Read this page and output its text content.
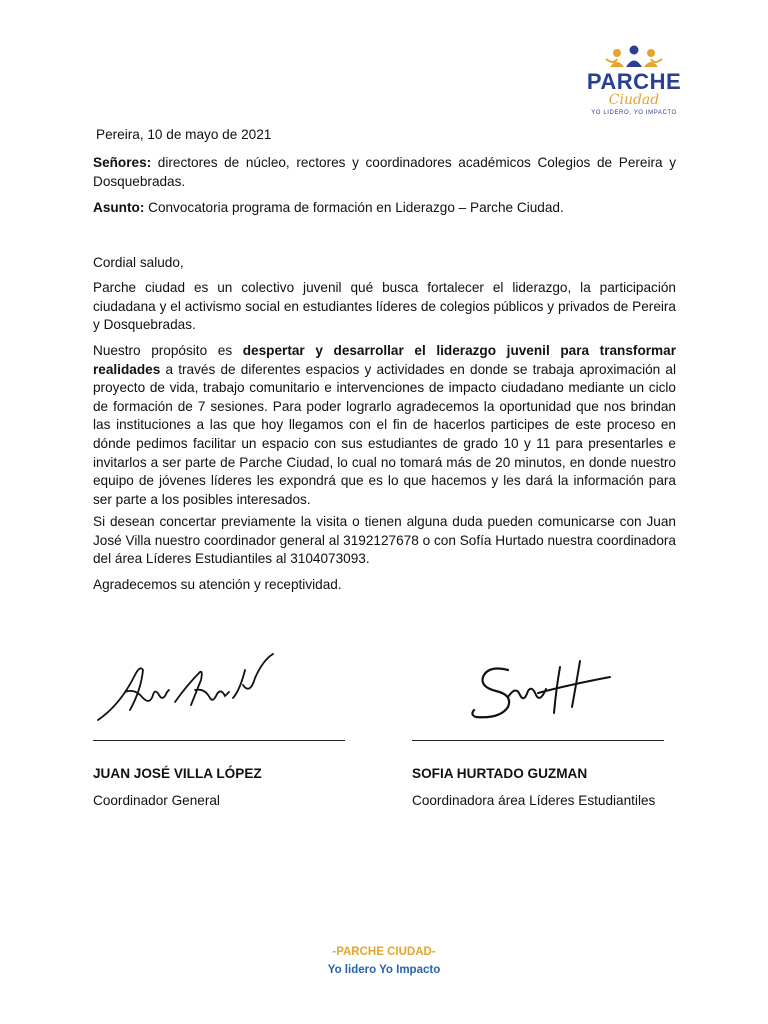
PARCHE
Ciudad
YO LIDERO, YO IMPACTO
Pereira, 10 de mayo de 2021
Señores: directores de núcleo, rectores y coordinadores académicos Colegios de Pereira y Dosquebradas.
Asunto: Convocatoria programa de formación en Liderazgo – Parche Ciudad.
Cordial saludo,
Parche ciudad es un colectivo juvenil qué busca fortalecer el liderazgo, la participación ciudadana y el activismo social en estudiantes líderes de colegios públicos y privados de Pereira y Dosquebradas.
Nuestro propósito es despertar y desarrollar el liderazgo juvenil para transformar realidades a través de diferentes espacios y actividades en donde se trabaja aproximación al proyecto de vida, trabajo comunitario e intervenciones de impacto ciudadano mediante un ciclo de formación de 7 sesiones. Para poder lograrlo agradecemos la oportunidad que nos brindan las instituciones a las que hoy llegamos con el fin de hacerlos participes de este proceso en dónde pedimos facilitar un espacio con sus estudiantes de grado 10 y 11 para presentarles e invitarlos a ser parte de Parche Ciudad, lo cual no tomará más de 20 minutos, en donde nuestro equipo de jóvenes líderes les expondrá que es lo que hacemos y les dará la información para ser parte a los posibles interesados.
Si desean concertar previamente la visita o tienen alguna duda pueden comunicarse con Juan José Villa nuestro coordinador general al 3192127678 o con Sofía Hurtado nuestra coordinadora del área Líderes Estudiantiles al 3104073093.
Agradecemos su atención y receptividad.
JUAN JOSÉ VILLA LÓPEZ
Coordinador General
SOFIA HURTADO GUZMAN
Coordinadora área Líderes Estudiantiles
-PARCHE CIUDAD-
Yo lidero Yo Impacto
